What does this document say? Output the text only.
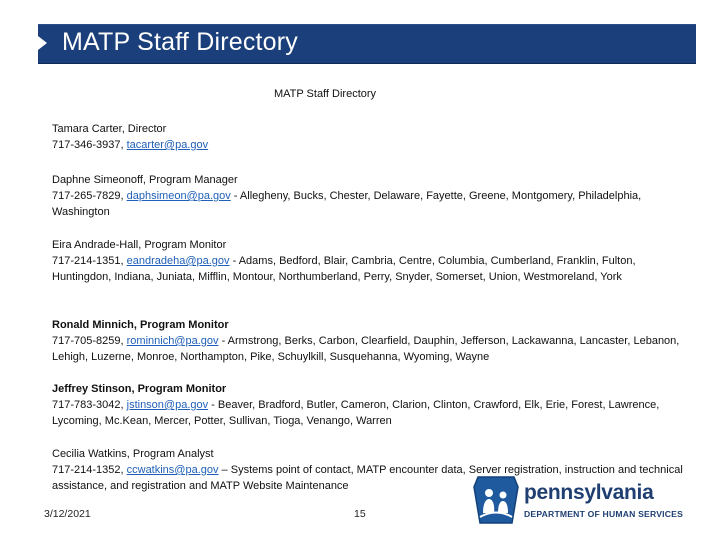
MATP Staff Directory
MATP Staff Directory
Tamara Carter, Director
717-346-3937, tacarter@pa.gov
Daphne Simeonoff, Program Manager
717-265-7829, daphsimeon@pa.gov - Allegheny, Bucks, Chester, Delaware, Fayette, Greene, Montgomery, Philadelphia, Washington
Eira Andrade-Hall, Program Monitor
717-214-1351, eandradeha@pa.gov - Adams, Bedford, Blair, Cambria, Centre, Columbia, Cumberland, Franklin, Fulton, Huntingdon, Indiana, Juniata, Mifflin, Montour, Northumberland, Perry, Snyder, Somerset, Union, Westmoreland, York
Ronald Minnich, Program Monitor
717-705-8259, rominnich@pa.gov - Armstrong, Berks, Carbon, Clearfield, Dauphin, Jefferson, Lackawanna, Lancaster, Lebanon, Lehigh, Luzerne, Monroe, Northampton, Pike, Schuylkill, Susquehanna, Wyoming, Wayne
Jeffrey Stinson, Program Monitor
717-783-3042, jstinson@pa.gov - Beaver, Bradford, Butler, Cameron, Clarion, Clinton, Crawford, Elk, Erie, Forest, Lawrence, Lycoming, Mc.Kean, Mercer, Potter, Sullivan, Tioga, Venango, Warren
Cecilia Watkins, Program Analyst
717-214-1352, ccwatkins@pa.gov – Systems point of contact, MATP encounter data, Server registration, instruction and technical assistance, and registration and MATP Website Maintenance	pennsylvania
DEPARTMENT OF HUMAN SERVICES
3/12/2021	15
